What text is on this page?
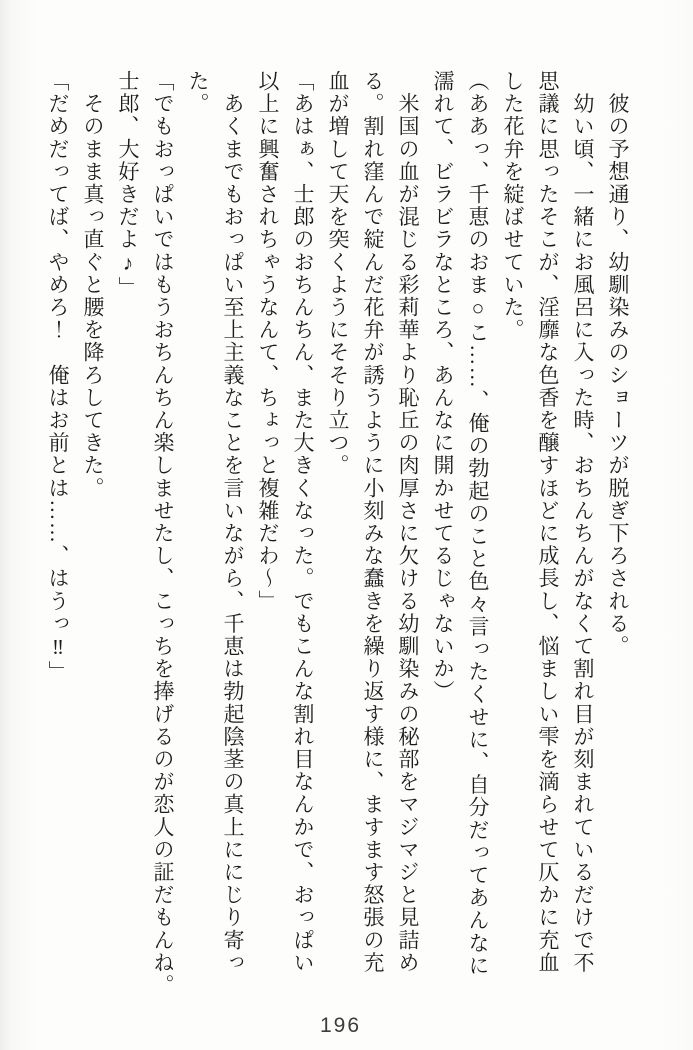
　彼の予想通り、幼馴染みのショーツが脱ぎ下ろされる。

　幼い頃、一緒にお風呂に入った時、おちんちんがなくて割れ目が刻まれているだけで不

思議に思ったそこが、淫靡な色香を醸すほどに成長し、悩ましい雫を滴らせて仄かに充血

した花弁を綻ばせていた。

（ああっ、千恵のおま○こ……、俺の勃起のこと色々言ったくせに、自分だってあんなに

濡れて、ビラビラなところ、あんなに開かせてるじゃないか）

　米国の血が混じる彩莉華より恥丘の肉厚さに欠ける幼馴染みの秘部をマジマジと見詰め

る。割れ窪んで綻んだ花弁が誘うように小刻みな蠢きを繰り返す様に、ますます怒張の充

血が増して天を突くようにそそり立つ。

「あはぁ、士郎のおちんちん、また大きくなった。でもこんな割れ目なんかで、おっぱい

以上に興奮されちゃうなんて、ちょっと複雑だわ〜」

　あくまでもおっぱい至上主義なことを言いながら、千恵は勃起陰茎の真上ににじり寄っ

た。

「でもおっぱいではもうおちんちん楽しませたし、こっちを捧げるのが恋人の証だもんね。

士郎、大好きだよ♪」

　そのまま真っ直ぐと腰を降ろしてきた。

「だめだってば、やめろ！　俺はお前とは……、はうっ‼」

196
